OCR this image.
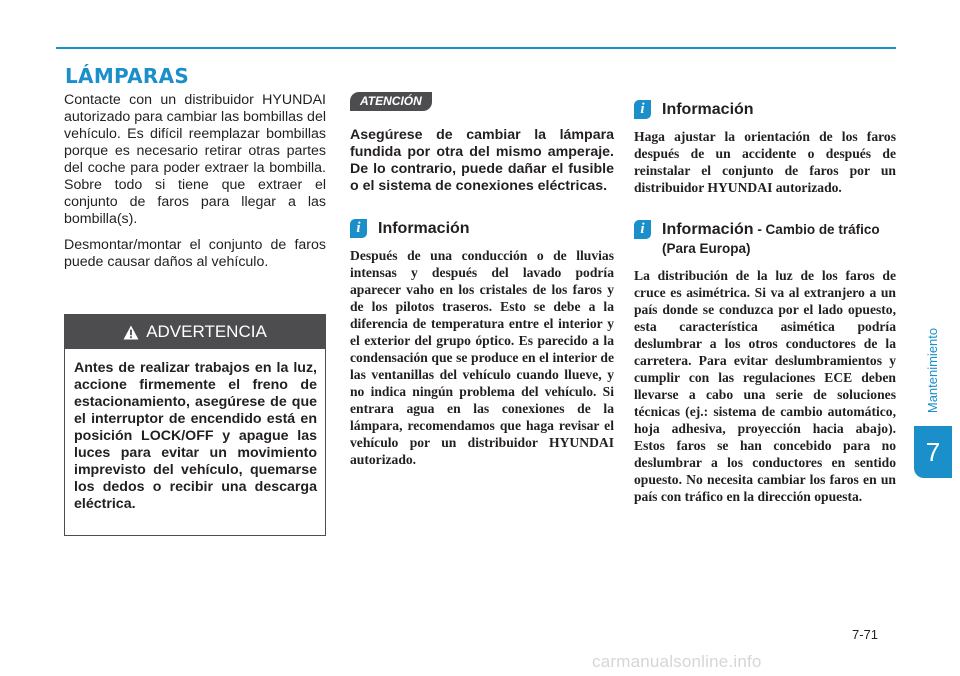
LÁMPARAS

Contacte con un distribuidor HYUNDAI autorizado para cambiar las bombillas del vehículo. Es difícil reemplazar bombillas porque es necesario retirar otras partes del coche para poder extraer la bombilla. Sobre todo si tiene que extraer el conjunto de faros para llegar a las bombilla(s).

Desmontar/montar el conjunto de faros puede causar daños al vehículo.

ADVERTENCIA

Antes de realizar trabajos en la luz, accione firmemente el freno de estacionamiento, asegúrese de que el interruptor de encendido está en posición LOCK/OFF y apague las luces para evitar un movimiento imprevisto del vehículo, quemarse los dedos o recibir una descarga eléctrica.

ATENCIÓN

Asegúrese de cambiar la lámpara fundida por otra del mismo amperaje. De lo contrario, puede dañar el fusible o el sistema de conexiones eléctricas.

i	Información

Después de una conducción o de lluvias intensas y después del lavado podría aparecer vaho en los cristales de los faros y de los pilotos traseros. Esto se debe a la diferencia de temperatura entre el interior y el exterior del grupo óptico. Es parecido a la condensación que se produce en el interior de las ventanillas del vehículo cuando llueve, y no indica ningún problema del vehículo. Si entrara agua en las conexiones de la lámpara, recomendamos que haga revisar el vehículo por un distribuidor HYUNDAI autorizado.

i	Información

Haga ajustar la orientación de los faros después de un accidente o después de reinstalar el conjunto de faros por un distribuidor HYUNDAI autorizado.

i	Información - Cambio de tráfico (Para Europa)

La distribución de la luz de los faros de cruce es asimétrica. Si va al extranjero a un país donde se conduzca por el lado opuesto, esta característica asimética podría deslumbrar a los otros conductores de la carretera. Para evitar deslumbramientos y cumplir con las regulaciones ECE deben llevarse a cabo una serie de soluciones técnicas (ej.: sistema de cambio automático, hoja adhesiva, proyección hacia abajo). Estos faros se han concebido para no deslumbrar a los conductores en sentido opuesto. No necesita cambiar los faros en un país con tráfico en la dirección opuesta.

Mantenimiento
7
7-71
carmanualsonline.info
